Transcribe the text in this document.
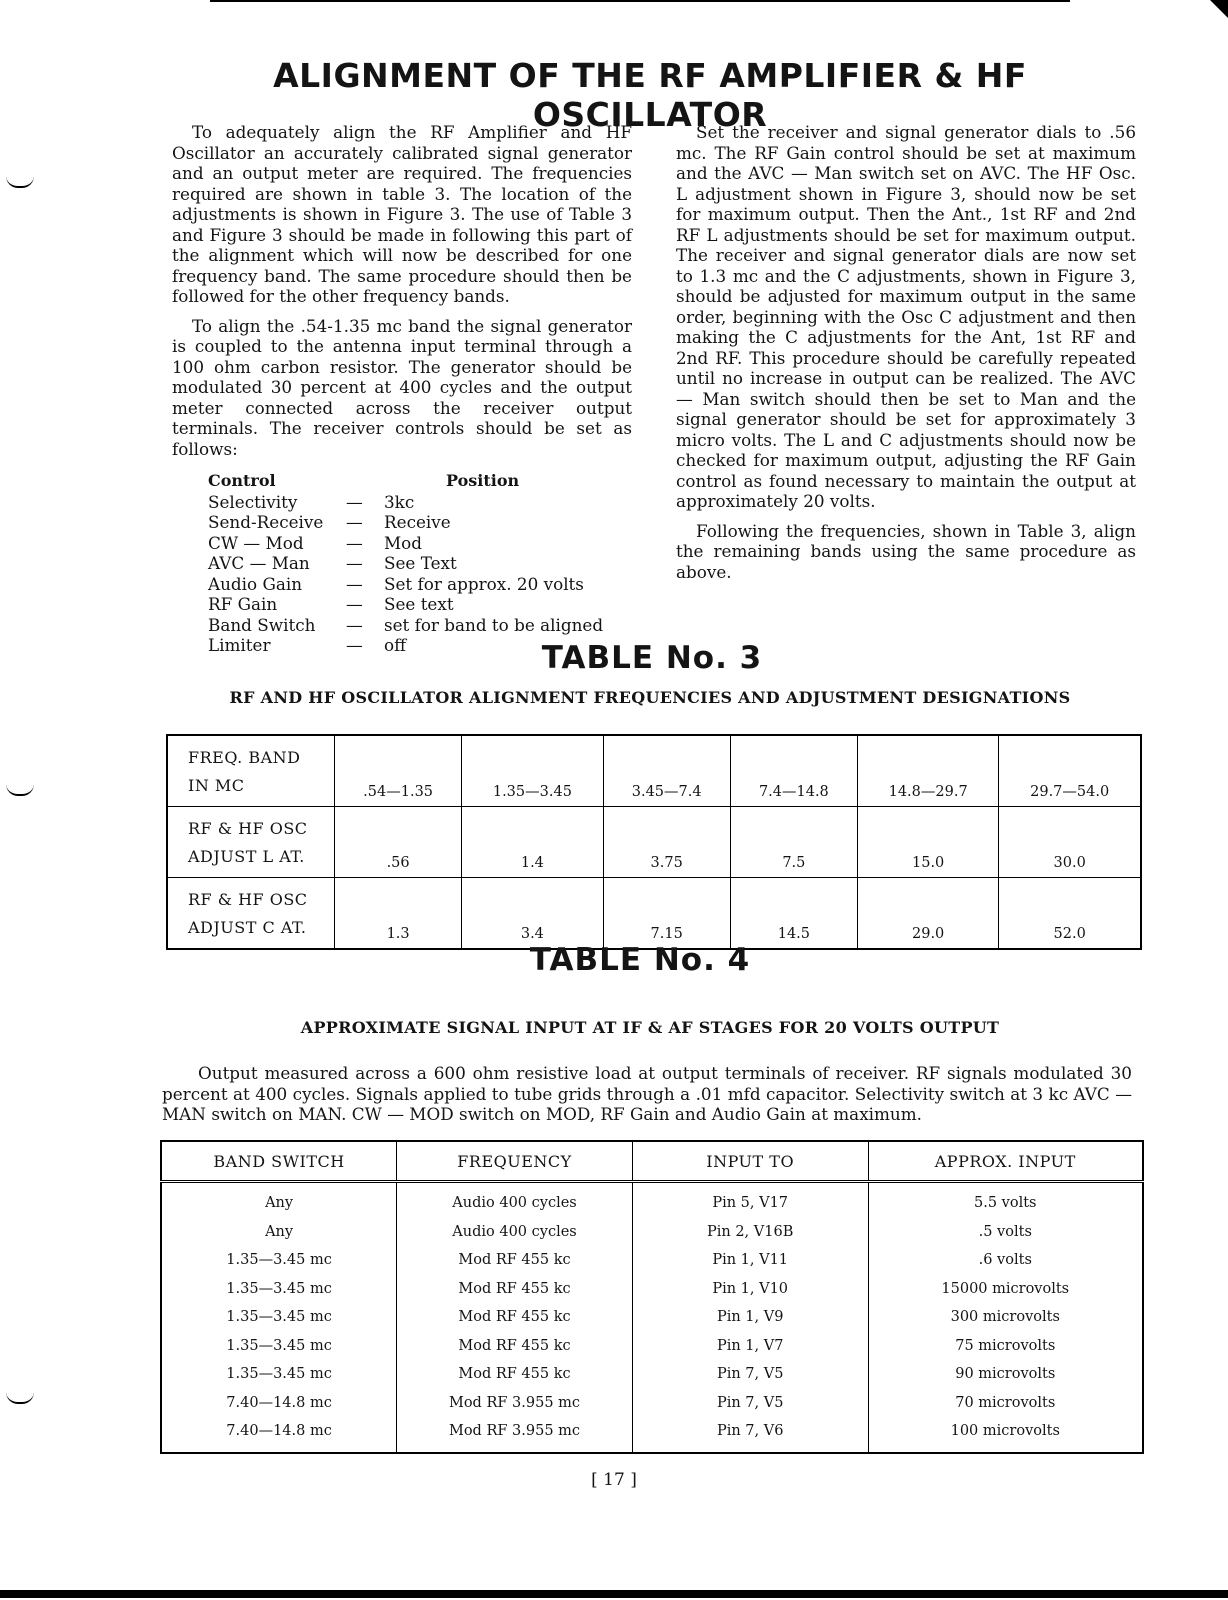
ALIGNMENT OF THE RF AMPLIFIER & HF OSCILLATOR

To adequately align the RF Amplifier and HF Oscillator an accurately calibrated signal generator and an output meter are required. The frequencies required are shown in table 3. The location of the adjustments is shown in Figure 3. The use of Table 3 and Figure 3 should be made in following this part of the alignment which will now be described for one frequency band. The same procedure should then be followed for the other frequency bands.

To align the .54-1.35 mc band the signal generator is coupled to the antenna input terminal through a 100 ohm carbon resistor. The generator should be modulated 30 percent at 400 cycles and the output meter connected across the receiver output terminals. The receiver controls should be set as follows:

Control		Position
Selectivity	—	3kc
Send-Receive	—	Receive
CW — Mod	—	Mod
AVC — Man	—	See Text
Audio Gain	—	Set for approx. 20 volts
RF Gain	—	See text
Band Switch	—	set for band to be aligned
Limiter	—	off

Set the receiver and signal generator dials to .56 mc. The RF Gain control should be set at maximum and the AVC — Man switch set on AVC. The HF Osc. L adjustment shown in Figure 3, should now be set for maximum output. Then the Ant., 1st RF and 2nd RF L adjustments should be set for maximum output. The receiver and signal generator dials are now set to 1.3 mc and the C adjustments, shown in Figure 3, should be adjusted for maximum output in the same order, beginning with the Osc C adjustment and then making the C adjustments for the Ant, 1st RF and 2nd RF. This procedure should be carefully repeated until no increase in output can be realized. The AVC — Man switch should then be set to Man and the signal generator should be set for approximately 3 micro volts. The L and C adjustments should now be checked for maximum output, adjusting the RF Gain control as found necessary to maintain the output at approximately 20 volts.

Following the frequencies, shown in Table 3, align the remaining bands using the same procedure as above.

TABLE No. 3
RF AND HF OSCILLATOR ALIGNMENT FREQUENCIES AND ADJUSTMENT DESIGNATIONS
FREQ. BAND
IN MC	.54—1.35	1.35—3.45	3.45—7.4	7.4—14.8	14.8—29.7	29.7—54.0

RF & HF OSC
ADJUST L AT.	.56	1.4	3.75	7.5	15.0	30.0

RF & HF OSC
ADJUST C AT.	1.3	3.4	7.15	14.5	29.0	52.0
TABLE No. 4
APPROXIMATE SIGNAL INPUT AT IF & AF STAGES FOR 20 VOLTS OUTPUT

Output measured across a 600 ohm resistive load at output terminals of receiver. RF signals modulated 30 percent at 400 cycles. Signals applied to tube grids through a .01 mfd capacitor. Selectivity switch at 3 kc AVC — MAN switch on MAN. CW — MOD switch on MOD, RF Gain and Audio Gain at maximum.

BAND SWITCH	FREQUENCY	INPUT TO	APPROX. INPUT
Any	Audio 400 cycles	Pin 5, V17	5.5 volts
Any	Audio 400 cycles	Pin 2, V16B	.5 volts
1.35—3.45 mc	Mod RF 455 kc	Pin 1, V11	.6 volts
1.35—3.45 mc	Mod RF 455 kc	Pin 1, V10	15000 microvolts
1.35—3.45 mc	Mod RF 455 kc	Pin 1, V9	300 microvolts
1.35—3.45 mc	Mod RF 455 kc	Pin 1, V7	75 microvolts
1.35—3.45 mc	Mod RF 455 kc	Pin 7, V5	90 microvolts
7.40—14.8 mc	Mod RF 3.955 mc	Pin 7, V5	70 microvolts
7.40—14.8 mc	Mod RF 3.955 mc	Pin 7, V6	100 microvolts
[ 17 ]
